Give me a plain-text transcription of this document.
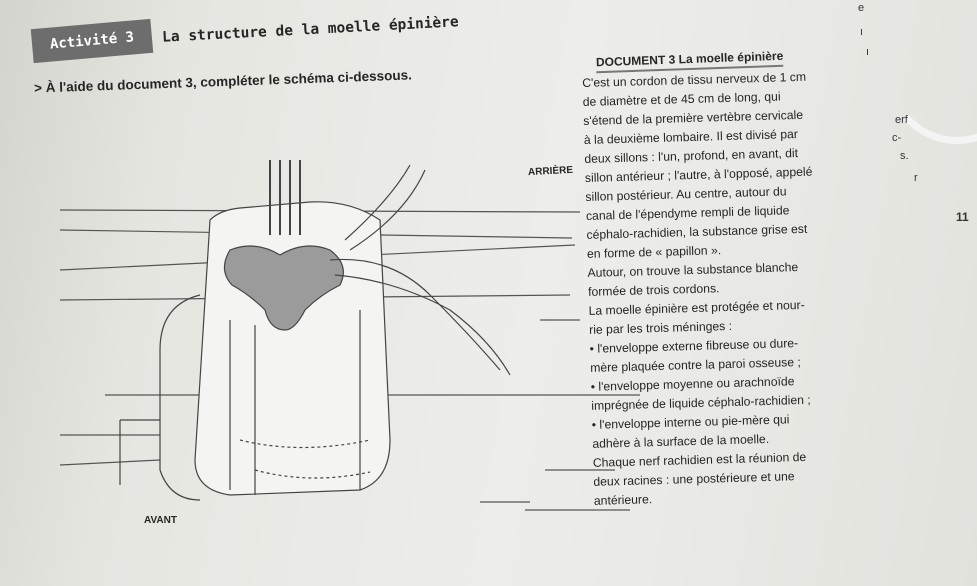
Activité 3	La structure de la moelle épinière
> À l'aide du document 3, compléter le schéma ci-dessous.
ARRIÈRE
AVANT
DOCUMENT 3 La moelle épinière
C'est un cordon de tissu nerveux de 1 cm
de diamètre et de 45 cm de long, qui
s'étend de la première vertèbre cervicale
à la deuxième lombaire. Il est divisé par
deux sillons : l'un, profond, en avant, dit
sillon antérieur ; l'autre, à l'opposé, appelé
sillon postérieur. Au centre, autour du
canal de l'épendyme rempli de liquide
céphalo-rachidien, la substance grise est
en forme de « papillon ».
Autour, on trouve la substance blanche
formée de trois cordons.
La moelle épinière est protégée et nour-
rie par les trois méninges :
• l'enveloppe externe fibreuse ou dure-
mère plaquée contre la paroi osseuse ;
• l'enveloppe moyenne ou arachnoïde
imprégnée de liquide céphalo-rachidien ;
• l'enveloppe interne ou pie-mère qui
adhère à la surface de la moelle.
Chaque nerf rachidien est la réunion de
deux racines : une postérieure et une
antérieure.
erf
c-
s.
11
r
e
ı
ı
